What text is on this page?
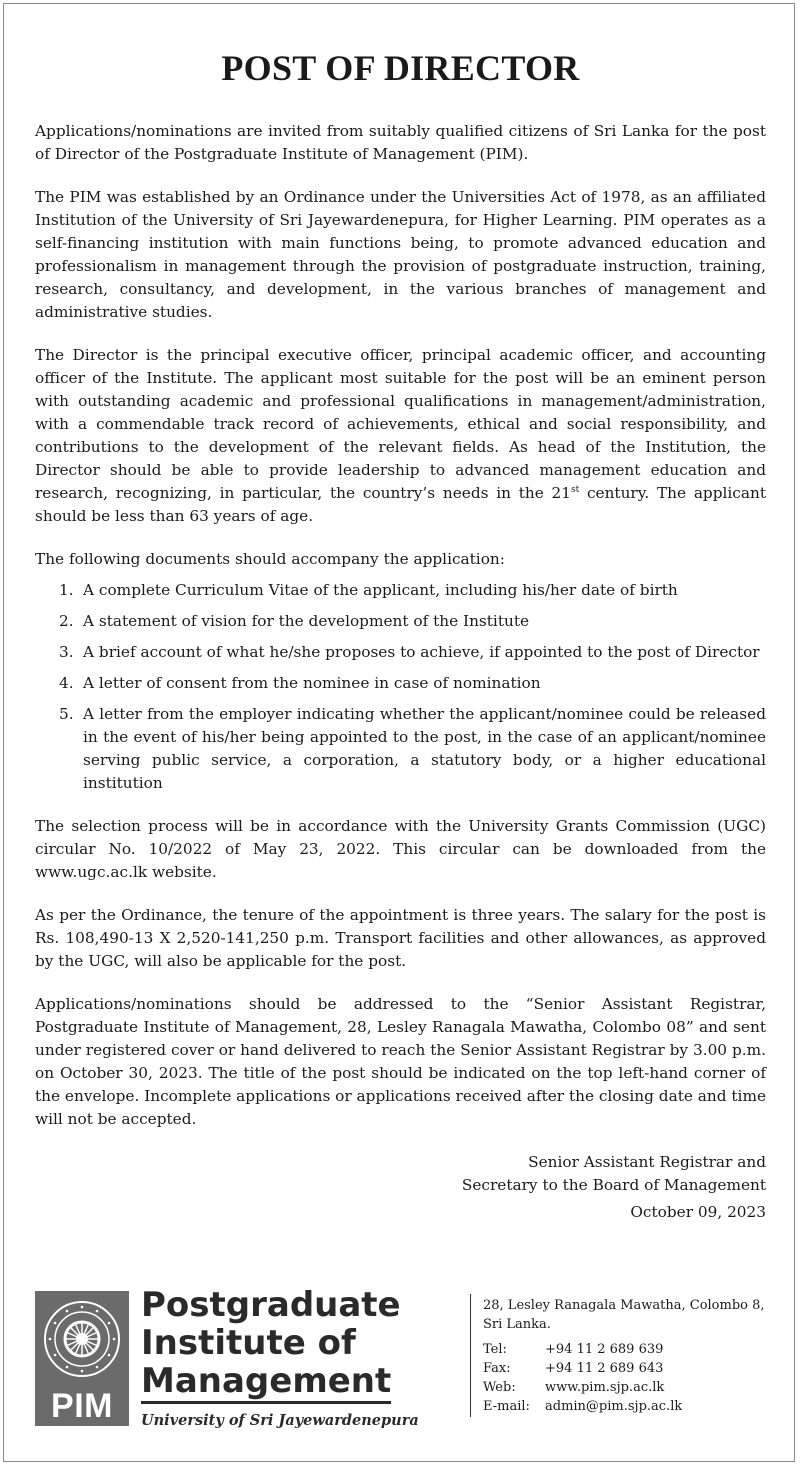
POST OF DIRECTOR

Applications/nominations are invited from suitably qualified citizens of Sri Lanka for the post of Director of the Postgraduate Institute of Management (PIM).

The PIM was established by an Ordinance under the Universities Act of 1978, as an affiliated Institution of the University of Sri Jayewardenepura, for Higher Learning. PIM operates as a self-financing institution with main functions being, to promote advanced education and professionalism in management through the provision of postgraduate instruction, training, research, consultancy, and development, in the various branches of management and administrative studies.

The Director is the principal executive officer, principal academic officer, and accounting officer of the Institute. The applicant most suitable for the post will be an eminent person with outstanding academic and professional qualifications in management/administration, with a commendable track record of achievements, ethical and social responsibility, and contributions to the development of the relevant fields. As head of the Institution, the Director should be able to provide leadership to advanced management education and research, recognizing, in particular, the country’s needs in the 21st century. The applicant should be less than 63 years of age.

The following documents should accompany the application:

1. A complete Curriculum Vitae of the applicant, including his/her date of birth
2. A statement of vision for the development of the Institute
3. A brief account of what he/she proposes to achieve, if appointed to the post of Director
4. A letter of consent from the nominee in case of nomination
5. A letter from the employer indicating whether the applicant/nominee could be released in the event of his/her being appointed to the post, in the case of an applicant/nominee serving public service, a corporation, a statutory body, or a higher educational institution

The selection process will be in accordance with the University Grants Commission (UGC) circular No. 10/2022 of May 23, 2022. This circular can be downloaded from the www.ugc.ac.lk website.

As per the Ordinance, the tenure of the appointment is three years. The salary for the post is Rs. 108,490-13 X 2,520-141,250 p.m. Transport facilities and other allowances, as approved by the UGC, will also be applicable for the post.

Applications/nominations should be addressed to the “Senior Assistant Registrar, Postgraduate Institute of Management, 28, Lesley Ranagala Mawatha, Colombo 08” and sent under registered cover or hand delivered to reach the Senior Assistant Registrar by 3.00 p.m. on October 30, 2023. The title of the post should be indicated on the top left-hand corner of the envelope. Incomplete applications or applications received after the closing date and time will not be accepted.

Senior Assistant Registrar and
Secretary to the Board of Management
October 09, 2023
PIM
Postgraduate
Institute of
Management
University of Sri Jayewardenepura
28, Lesley Ranagala Mawatha, Colombo 8,
Sri Lanka.
Tel:	+94 11 2 689 639
Fax:	+94 11 2 689 643
Web:	www.pim.sjp.ac.lk
E-mail:	admin@pim.sjp.ac.lk
